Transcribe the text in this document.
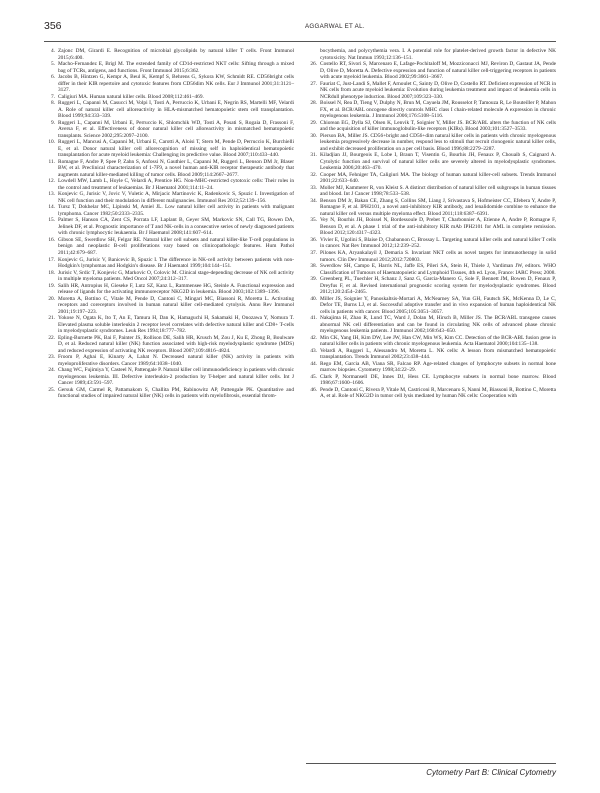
356	AGGARWAL ET AL.

4. Zajonc DM, Girardi E. Recognition of microbial glycolipids by natural killer T cells. Front Immunol 2015;6:400.

5. Macho-Fernandez E, Brigl M. The extended family of CD1d-restricted NKT cells: Sifting through a mixed bag of TCRs, antigens, and functions. Front Immunol 2015;6:362.

6. Jacobs B, Hintzen G, Kempr A, Beul K, Kempf S, Behrens G, Sykora KW, Schmidt RE. CD56bright cells differ in their KIR repertoire and cytotoxic features from CD56dim NK cells. Eur J Immunol 2001;31:3121–3127.

7. Caligiuri MA. Human natural killer cells. Blood 2008;112:461–469.

8. Ruggeri L, Capanni M, Casucci M, Volpi I, Tosti A, Perruccio K, Urbani E, Negrin RS, Martelli MF, Velardi A. Role of natural killer cell alloreactivity in HLA-mismatched hematopoietic stem cell transplantation. Blood 1999;94:333–339.

9. Ruggeri L, Capanni M, Urbani E, Perruccio K, Shlomchik WD, Tosti A, Posati S, Rogaia D, Frassoni F, Aversa F, et al. Effectiveness of donor natural killer cell alloreactivity in mismatched hematopoietic transplants. Science 2002;295:2097–2100.

10. Ruggeri L, Mancusi A, Capanni M, Urbani E, Carotti A, Aloisi T, Stern M, Pende D, Perruccio K, Burchielli E, et al. Donor natural killer cell allorecognition of missing self in haploidentical hematopoietic transplantation for acute myeloid leukemia: Challenging its predictive value. Blood 2007;110:433–440.

11. Romagne F, Andre P, Spee P, Zahn S, Anfossi N, Gauthier L, Capanni M, Ruggeri L, Benson DM Jr, Blaser BW, et al. Preclinical characterization of 1-7F9, a novel human anti-KIR receptor therapeutic antibody that augments natural killer-mediated killing of tumor cells. Blood 2009;114:2667–2677.

12. Lowdell MW, Lamb L, Hoyle C, Velardi A, Prentice HG. Non-MHC-restricted cytotoxic cells: Their roles in the control and treatment of leukaemias. Br J Haematol 2001;114:11–24.

13. Konjevic G, Jurisic V, Jovic V, Vuletic A, Mirjacic Martinovic K, Radenkovic S, Spuzic I. Investigation of NK cell function and their modulation in different malignancies. Immunol Res 2012;52:139–156.

14. Tursz T, Dokhelar MC, Lipinski M, Amiel JL. Low natural killer cell activity in patients with malignant lymphoma. Cancer 1982;50:2333–2335.

15. Palmer S, Hanson CA, Zent CS, Porrata LF, Laplant B, Geyer SM, Markovic SN, Call TG, Bowen DA, Jelinek DF, et al. Prognostic importance of T and NK-cells in a consecutive series of newly diagnosed patients with chronic lymphocytic leukaemia. Br J Haematol 2008;141:607–614.

16. Gibson SE, Swerdlow SH, Felgar RE. Natural killer cell subsets and natural killer-like T-cell populations in benign and neoplastic B-cell proliferations vary based on clinicopathologic features. Hum Pathol 2011;42:679–687.

17. Konjevic G, Jurisic V, Banicevic B, Spuzic I. The difference in NK-cell activity between patients with non-Hodgkin's lymphomas and Hodgkin's disease. Br J Haematol 1999;104:144–151.

18. Jurisic V, Srdic T, Konjevic G, Markovic O, Colovic M. Clinical stage-depending decrease of NK cell activity in multiple myeloma patients. Med Oncol 2007;24:312–317.

19. Salih HR, Antropius H, Gieseke F, Lutz SZ, Kanz L, Rammensee HG, Steinle A. Functional expression and release of ligands for the activating immunoreceptor NKG2D in leukemia. Blood 2003;102:1389–1396.

20. Moretta A, Bottino C, Vitale M, Pende D, Cantoni C, Mingari MC, Biassoni R, Moretta L. Activating receptors and coreceptors involved in human natural killer cell-mediated cytolysis. Annu Rev Immunol 2001;19:197–223.

21. Yokose N, Ogata K, Ito T, An E, Tamura H, Dan K, Hamaguchi H, Sakamaki H, Onozawa Y, Nomura T. Elevated plasma soluble interleukin 2 receptor level correlates with defective natural killer and CD8+ T-cells in myelodysplastic syndromes. Leuk Res 1994;18:777–782.

22. Epling-Burnette PK, Bai F, Painter JS, Rollison DE, Salih HR, Krusch M, Zou J, Ku E, Zhong B, Boulware D, et al. Reduced natural killer (NK) function associated with high-risk myelodysplastic syndrome (MDS) and reduced expression of activating NK receptors. Blood 2007;109:4816–4824.

23. Froom P, Aghai E, Kinarty A, Lahat N. Decreased natural killer (NK) activity in patients with myeloproliferative disorders. Cancer 1989;64:1038–1040.

24. Chang WC, Fujimiya Y, Casteel N, Pattengale P. Natural killer cell immunodeficiency in patients with chronic myelogenous leukemia. III. Defective interleukin-2 production by T-helper and natural killer cells. Int J Cancer 1989;43:591–597.

25. Gersuk GM, Carmel R, Pattamakom S, Challita PM, Rabinowitz AP, Pattengale PK. Quantitative and functional studies of impaired natural killer (NK) cells in patients with myelofibrosis, essential throm-

bocythemia, and polycythemia vera. I. A potential role for platelet-derived growth factor in defective NK cytotoxicity. Nat Immun 1993;12:136–151.

26. Costello RT, Sivori S, Marcenaro E, Lafage-Pochitaloff M, Mozziconacci MJ, Reviron D, Gastaut JA, Pende D, Olive D, Moretta A. Defective expression and function of natural killer cell-triggering receptors in patients with acute myeloid leukemia. Blood 2002;99:3661–3667.

27. Fauriat C, Just-Landi S, Mallet F, Arnoulet C, Sainty D, Olive D, Costello RT. Deficient expression of NCR in NK cells from acute myeloid leukemia: Evolution during leukemia treatment and impact of leukemia cells in NCRdull phenotype induction. Blood 2007;109:323–330.

28. Boissel N, Rea D, Tieng V, Dulphy N, Brun M, Cayuela JM, Rousselot P, Tamouza R, Le Bouteiller P, Mahon FX, et al. BCR/ABL oncogene directly controls MHC class I chain-related molecule A expression in chronic myelogenous leukemia. J Immunol 2006;176:5108–5116.

29. Chiorean EG, Dylla SJ, Olsen K, Lenvik T, Soignier Y, Miller JS. BCR/ABL alters the function of NK cells and the acquisition of killer immunoglobulin-like receptors (KIRs). Blood 2003;101:3527–3533.

30. Pierson BA, Miller JS. CD56+bright and CD56+dim natural killer cells in patients with chronic myelogenous leukemia progressively decrease in number, respond less to stimuli that recruit clonogenic natural killer cells, and exhibit decreased proliferation on a per cell basis. Blood 1996;88:2279–2287.

31. Kiladjian JJ, Bourgeois E, Lobe I, Braun T, Visentin G, Bourhis JH, Fenaux P, Chouaib S, Caignard A. Cytolytic function and survival of natural killer cells are severely altered in myelodysplastic syndromes. Leukemia 2006;20:463–470.

32. Cooper MA, Fehniger TA, Caligiuri MA. The biology of human natural killer-cell subsets. Trends Immunol 2001;22:633–640.

33. Moller MJ, Kammerer R, von Kleist S. A distinct distribution of natural killer cell subgroups in human tissues and blood. Int J Cancer 1998;78:533–538.

34. Benson DM Jr, Bakan CE, Zhang S, Collins SM, Liang J, Srivastava S, Hofmeister CC, Efebera Y, Andre P, Romagne F, et al. IPH2101, a novel anti-inhibitory KIR antibody, and lenalidomide combine to enhance the natural killer cell versus multiple myeloma effect. Blood 2011;118:6387–6391.

35. Vey N, Bourhis JH, Boissel N, Bordessoule D, Prebet T, Charbonnier A, Etienne A, Andre P, Romagne F, Benson D, et al. A phase 1 trial of the anti-inhibitory KIR mAb IPH2101 for AML in complete remission. Blood 2012;120:4317–4323.

36. Vivier E, Ugolini S, Blaise D, Chabannon C, Brossay L. Targeting natural killer cells and natural killer T cells in cancer. Nat Rev Immunol 2012;12:239–252.

37. Pilones KA, Aryankalayil J, Demaria S. Invariant NKT cells as novel targets for immunotherapy in solid tumors. Clin Dev Immunol 2012;2012:720803.

38. Swerdlow SH, Campo E, Harris NL, Jaffe ES, Pileri SA, Stein H, Thiele J, Vardiman JW, editors. WHO Classification of Tumours of Haematopoietic and Lymphoid Tissues, 4th ed. Lyon, France: IARC Press; 2008.

39. Greenberg PL, Tuechler H, Schanz J, Sanz G, Garcia-Manero G, Sole F, Bennett JM, Bowen D, Fenaux P, Dreyfus F, et al. Revised international prognostic scoring system for myelodysplastic syndromes. Blood 2012;120:2454–2465.

40. Miller JS, Soignier Y, Panoskaltsis-Mortari A, McNearney SA, Yun GH, Fautsch SK, McKenna D, Le C, Defor TE, Burns LJ, et al. Successful adoptive transfer and in vivo expansion of human haploidentical NK cells in patients with cancer. Blood 2005;105:3051–3057.

41. Nakajima H, Zhao R, Lund TC, Ward J, Dolan M, Hirsch B, Miller JS. The BCR/ABL transgene causes abnormal NK cell differentiation and can be found in circulating NK cells of advanced phase chronic myelogenous leukemia patients. J Immunol 2002;168:643–650.

42. Min CK, Yang IH, Kim DW, Lee JW, Han CW, Min WS, Kim CC. Detection of the BCR-ABL fusion gene in natural killer cells in patients with chronic myelogenous leukemia. Acta Haematol 2000;104:135–138.

43. Velardi A, Ruggeri L, Alessandro M, Moretta L. NK cells: A lesson from mismatched hematopoietic transplantation. Trends Immunol 2002;23:438–444.

44. Rego EM, Garcia AB, Viana SR, Falcao RP. Age-related changes of lymphocyte subsets in normal bone marrow biopsies. Cytometry 1998;34:22–29.

45. Clark P, Normansell DE, Innes DJ, Hess CE. Lymphocyte subsets in normal bone marrow. Blood 1986;67:1600–1606.

46. Pende D, Cantoni C, Rivera P, Vitale M, Castriconi R, Marcenaro S, Nanni M, Biassoni R, Bottino C, Moretta A, et al. Role of NKG2D in tumor cell lysis mediated by human NK cells: Cooperation with

Cytometry Part B: Clinical Cytometry
